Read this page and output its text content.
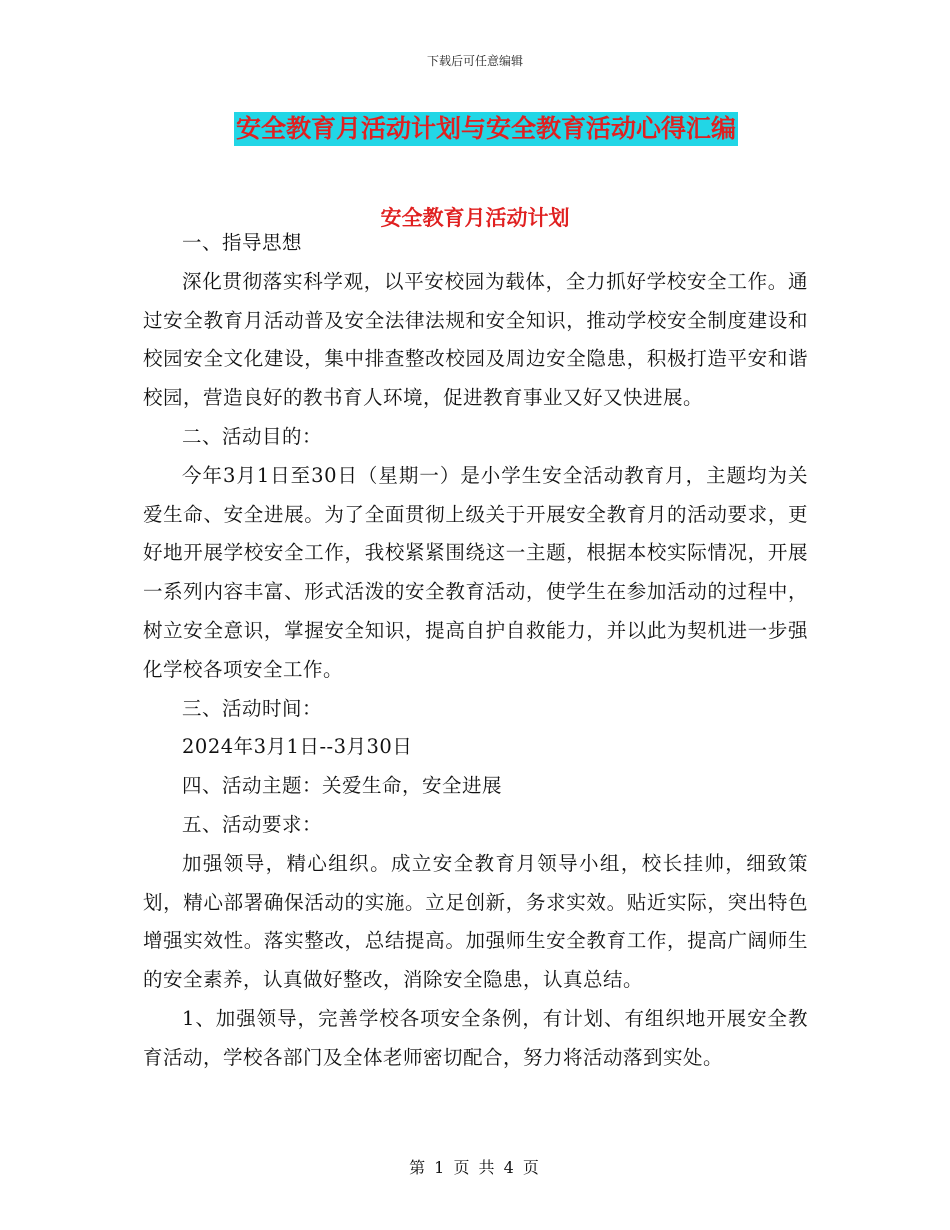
下载后可任意编辑
安全教育月活动计划与安全教育活动心得汇编
安全教育月活动计划

一、指导思想

深化贯彻落实科学观，以平安校园为载体，全力抓好学校安全工作。通过安全教育月活动普及安全法律法规和安全知识，推动学校安全制度建设和校园安全文化建设，集中排查整改校园及周边安全隐患，积极打造平安和谐校园，营造良好的教书育人环境，促进教育事业又好又快进展。

二、活动目的：

今年3月1日至30日（星期一）是小学生安全活动教育月，主题均为关爱生命、安全进展。为了全面贯彻上级关于开展安全教育月的活动要求，更好地开展学校安全工作，我校紧紧围绕这一主题，根据本校实际情况，开展一系列内容丰富、形式活泼的安全教育活动，使学生在参加活动的过程中，树立安全意识，掌握安全知识，提高自护自救能力，并以此为契机进一步强化学校各项安全工作。

三、活动时间：

2024年3月1日--3月30日

四、活动主题：关爱生命，安全进展

五、活动要求：

加强领导，精心组织。成立安全教育月领导小组，校长挂帅，细致策划，精心部署确保活动的实施。立足创新，务求实效。贴近实际，突出特色增强实效性。落实整改，总结提高。加强师生安全教育工作，提高广阔师生的安全素养，认真做好整改，消除安全隐患，认真总结。

1、加强领导，完善学校各项安全条例，有计划、有组织地开展安全教育活动，学校各部门及全体老师密切配合，努力将活动落到实处。

第 1 页 共 4 页
